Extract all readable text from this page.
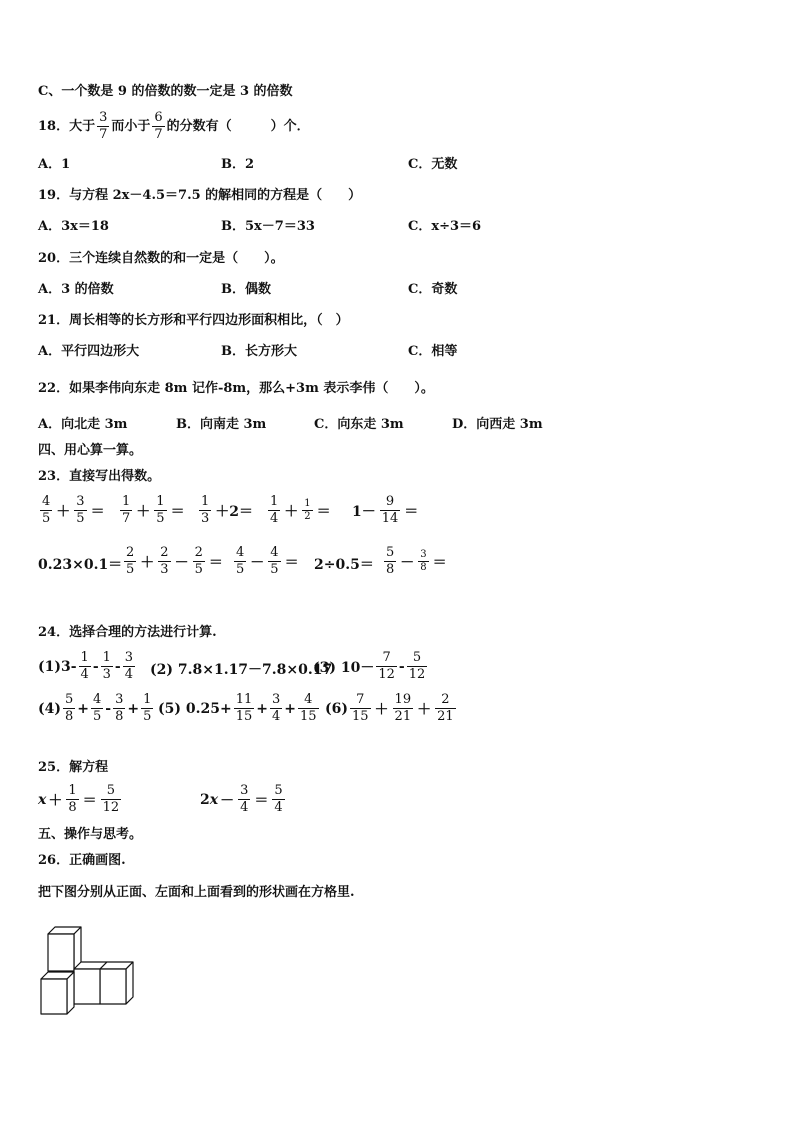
C、一个数是 9 的倍数的数一定是 3 的倍数
18．大于 $\frac{3}{7}$ 而小于 $\frac{6}{7}$ 的分数有（　　　）个．
A．1	B．2	C．无数
19．与方程 2x－4.5＝7.5 的解相同的方程是（　　）
A．3x＝18	B．5x－7＝33	C．x÷3＝6
20．三个连续自然数的和一定是（　　）。
A．3 的倍数	B．偶数	C．奇数
21．周长相等的长方形和平行四边形面积相比，（　）
A．平行四边形大	B．长方形大	C．相等
22．如果李伟向东走 8m 记作-8m，那么+3m 表示李伟（　　）。
A．向北走 3m	B．向南走 3m	C．向东走 3m	D．向西走 3m
四、用心算一算。
23．直接写出得数。
$\frac{4}{5} + \frac{3}{5} = \frac{1}{7} + \frac{1}{5} = \frac{1}{3} +2= \frac{1}{4} + \frac{1}{2} = 1- \frac{9}{14}$ ＝
$0.23\times 0.1= \frac{2}{5} + \frac{2}{3} - \frac{2}{5} = \frac{4}{5} - \frac{4}{5} = 2\div 0.5= \frac{5}{8} - \frac{3}{8}$ ＝
24．选择合理的方法进行计算.
$(1)3- \frac{1}{4} - \frac{1}{3} - \frac{3}{4} (2)$ 7.8×1.17－7.8×0.17
(3) $10- \frac{7}{12} - \frac{5}{12}$
$(4) \frac{5}{8} + \frac{4}{5} - \frac{3}{8} + \frac{1}{5} (5)$ $0.25+ \frac{11}{15} + \frac{3}{4} + \frac{4}{15} (6) \frac{7}{15} + \frac{19}{21} + \frac{2}{21}$
25．解方程
$x + \frac{1}{8} = \frac{5}{12}$	2 $x - \frac{3}{4} = \frac{5}{4}$
五、操作与思考。
26．正确画图.
把下图分别从正面、左面和上面看到的形状画在方格里.
